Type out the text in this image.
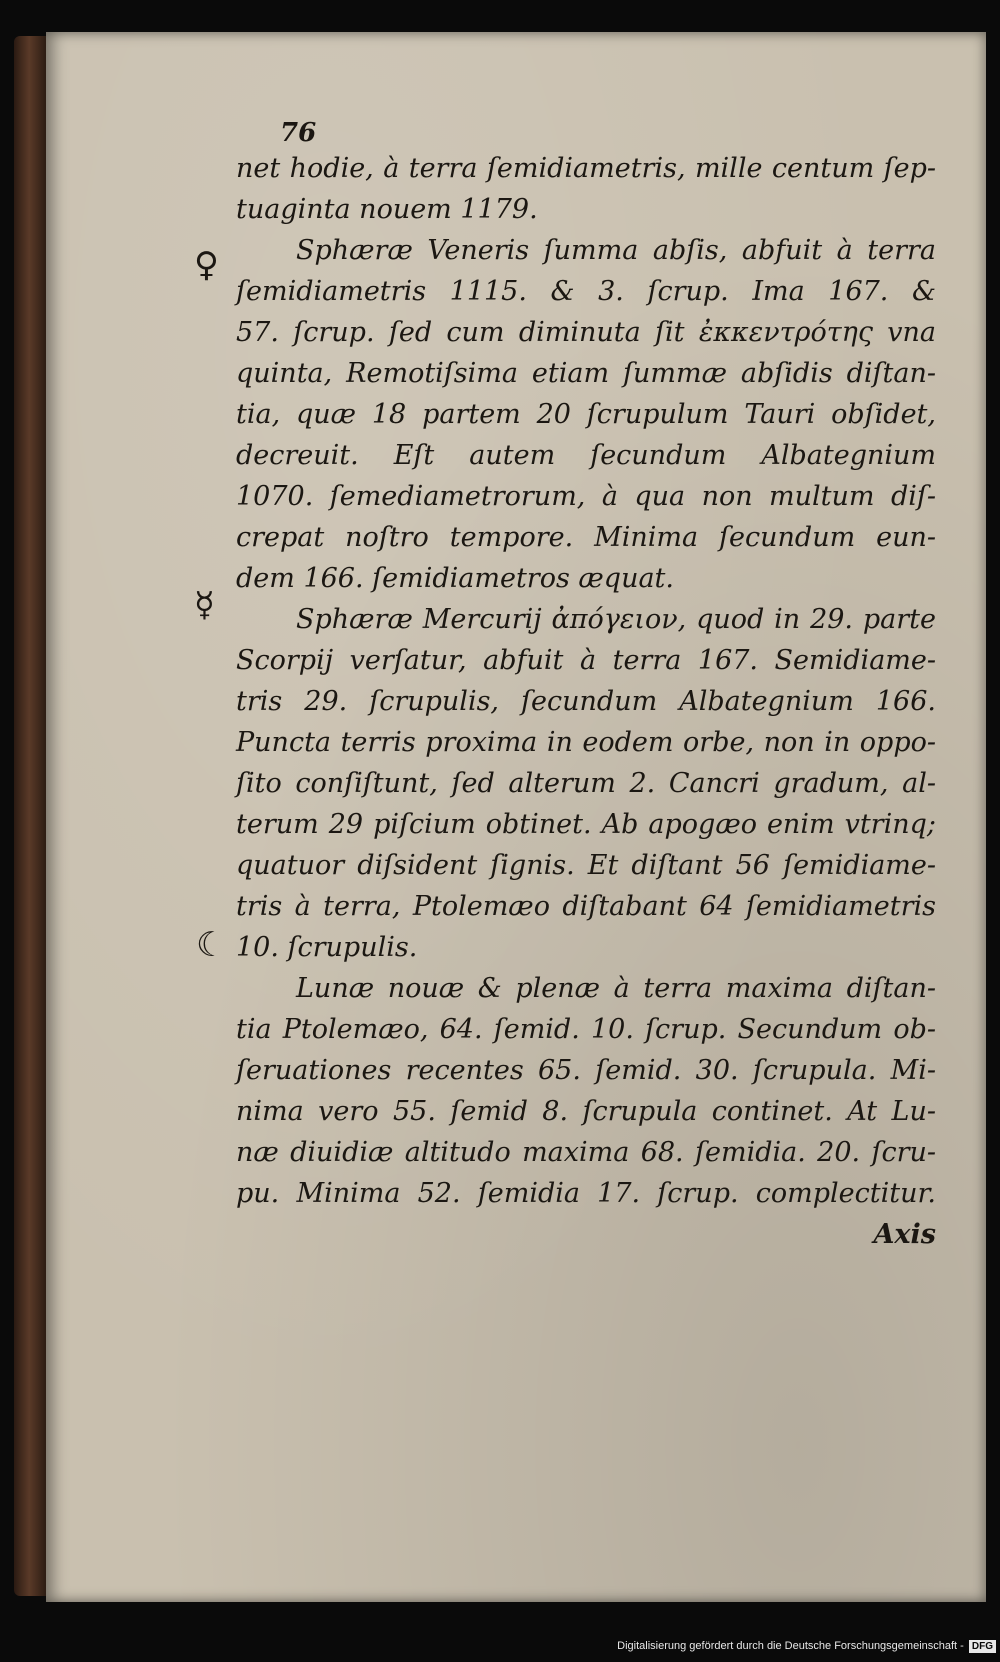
♀
☿
☾
76
net hodie, à terra ſemidiametris, mille centum ſep-
tuaginta nouem 1179.
Sphæræ Veneris ſumma abſis, abfuit à terra
ſemidiametris 1115. & 3. ſcrup. Ima 167. &
57. ſcrup. ſed cum diminuta ſit ἐκκεντρότης vna
quinta, Remotiſsima etiam ſummæ abſidis diſtan-
tia, quæ 18 partem 20 ſcrupulum Tauri obſidet,
decreuit. Eſt autem ſecundum Albategnium
1070. ſemediametrorum, à qua non multum diſ-
crepat noſtro tempore. Minima ſecundum eun-
dem 166. ſemidiametros æquat.
Sphæræ Mercurij ἀπόγειον, quod in 29. parte
Scorpij verſatur, abfuit à terra 167. Semidiame-
tris 29. ſcrupulis, ſecundum Albategnium 166.
Puncta terris proxima in eodem orbe, non in oppo-
ſito conſiſtunt, ſed alterum 2. Cancri gradum, al-
terum 29 piſcium obtinet. Ab apogæo enim vtrinq;
quatuor diſsident ſignis. Et diſtant 56 ſemidiame-
tris à terra, Ptolemæo diſtabant 64 ſemidiametris
10. ſcrupulis.
Lunæ nouæ & plenæ à terra maxima diſtan-
tia Ptolemæo, 64. ſemid. 10. ſcrup. Secundum ob-
ſeruationes recentes 65. ſemid. 30. ſcrupula. Mi-
nima vero 55. ſemid 8. ſcrupula continet. At Lu-
næ diuidiæ altitudo maxima 68. ſemidia. 20. ſcru-
pu. Minima 52. ſemidia 17. ſcrup. complectitur.
Axis
Digitalisierung gefördert durch die Deutsche Forschungsgemeinschaft - DFG
